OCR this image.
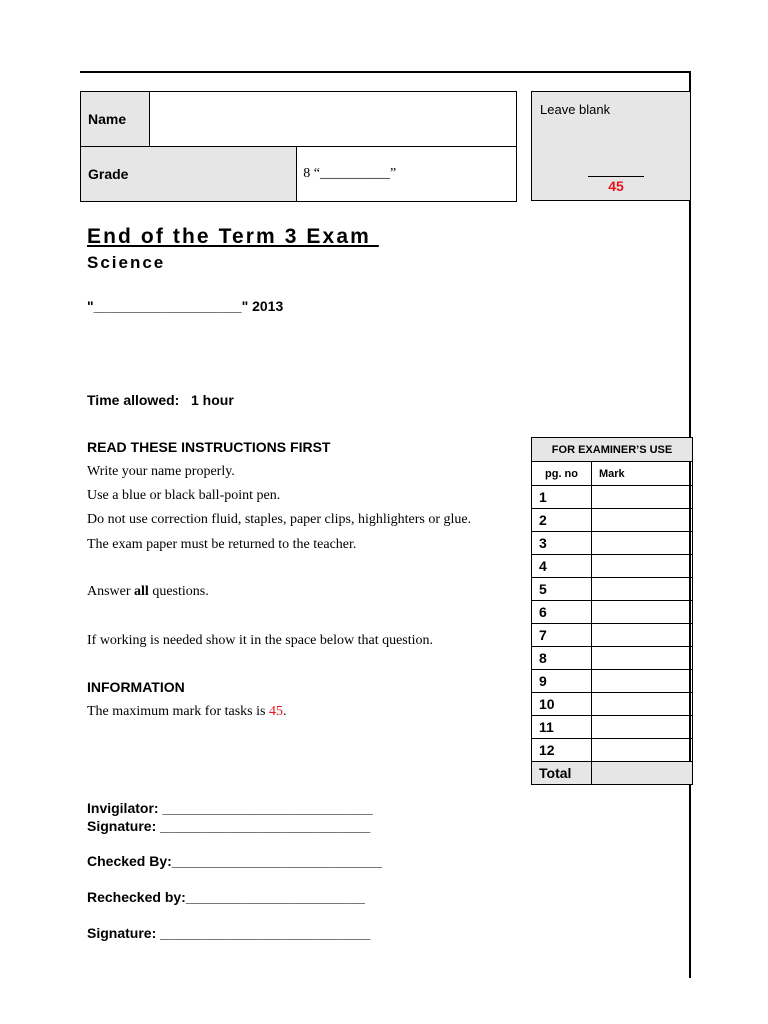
Name		
Grade		8 “__________”
Leave blank
45
End of the Term 3 Exam
Science
"___________________" 2013
Time allowed:   1 hour
READ THESE INSTRUCTIONS FIRST
Write your name properly.
Use a blue or black ball-point pen.
Do not use correction fluid, staples, paper clips, highlighters or glue.
The exam paper must be returned to the teacher.
Answer all questions.
If working is needed show it in the space below that question.
INFORMATION
The maximum mark for tasks is 45.
Invigilator: ___________________________
Signature: ___________________________
Checked By:___________________________
Rechecked by:_______________________
Signature: ___________________________
FOR EXAMINER’S USE	
pg. no	Mark
1	
2	
3	
4	
5	
6	
7	
8	
9	
10	
11	
12	
Total	
